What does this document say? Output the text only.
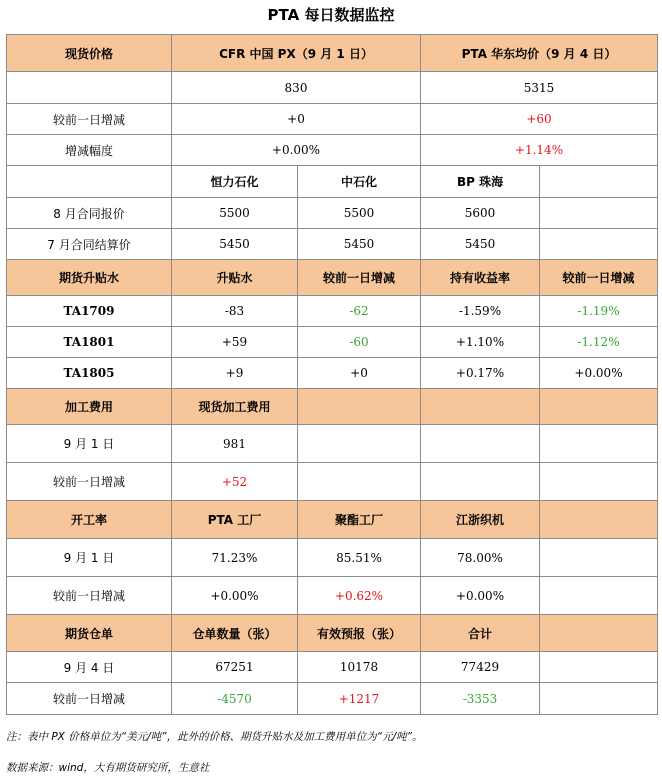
PTA 每日数据监控
现货价格	CFR 中国 PX（9 月 1 日）		PTA 华东均价（9 月 4 日）	
	830		5315	
较前一日增减	+0		+60	
增减幅度	+0.00%		+1.14%	
	恒力石化	中石化	BP 珠海	
8 月合同报价	5500	5500	5600	
7 月合同结算价	5450	5450	5450	
期货升贴水	升贴水	较前一日增减	持有收益率	较前一日增减
TA1709	-83	-62	-1.59%	-1.19%
TA1801	+59	-60	+1.10%	-1.12%
TA1805	+9	+0	+0.17%	+0.00%
加工费用	现货加工费用			
9 月 1 日	981			
较前一日增减	+52			
开工率	PTA 工厂	聚酯工厂	江浙织机	
9 月 1 日	71.23%	85.51%	78.00%	
较前一日增减	+0.00%	+0.62%	+0.00%	
期货仓单	仓单数量（张）	有效预报（张）	合计	
9 月 4 日	67251	10178	77429	
较前一日增减	-4570	+1217	-3353	
注：表中 PX 价格单位为“美元/吨”，此外的价格、期货升贴水及加工费用单位为“元/吨”。
数据来源：wind，大有期货研究所，生意社
